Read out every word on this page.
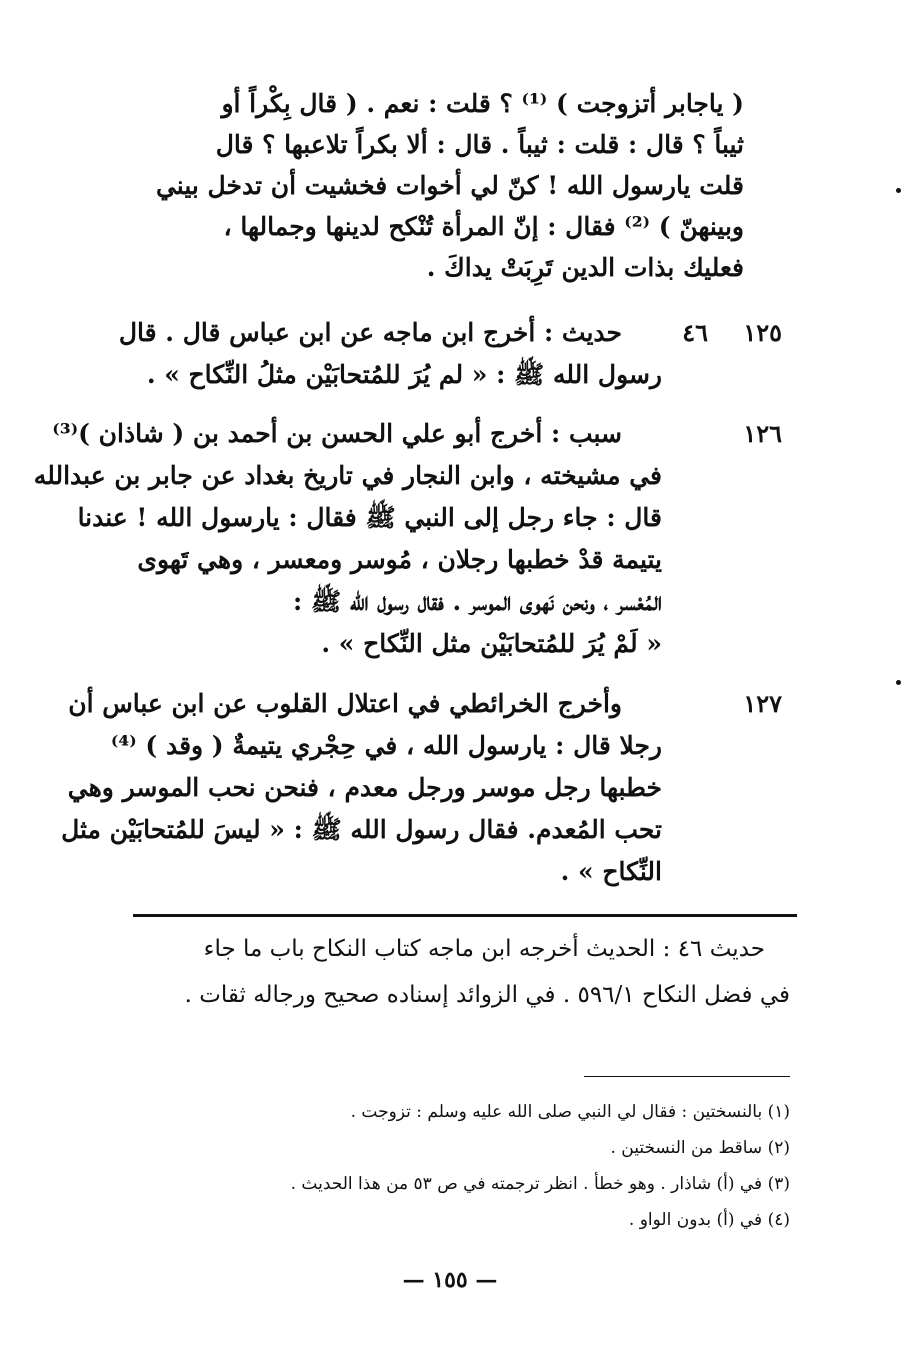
( ياجابر أتزوجت ) ⁽¹⁾ ؟ قلت : نعم . ( قال بِكْراً أو
ثيباً ؟ قال : قلت : ثيباً . قال : ألا بكراً تلاعبها ؟ قال
قلت يارسول الله ! كنّ لي أخوات فخشيت أن تدخل بيني
وبينهنّ ) ⁽²⁾ فقال : إنّ المرأة تُنْكح لدينها وجمالها ،
فعليك بذات الدين تَرِبَتْ يداكَ .
١٢٥
٤٦
حديث : أخرج ابن ماجه عن ابن عباس قال . قال
رسول الله ﷺ : « لم يُرَ للمُتحابَيْن مثلُ النِّكاح » .
١٢٦
سبب : أخرج أبو علي الحسن بن أحمد بن ( شاذان )⁽³⁾
في مشيخته ، وابن النجار في تاريخ بغداد عن جابر بن عبدالله
قال : جاء رجل إلى النبي ﷺ فقال : يارسول الله ! عندنا
يتيمة قدْ خطبها رجلان ، مُوسر ومعسر ، وهي تَهوى
المُعْسر ، ونحن نَهوى الموسر . فقال رسول الله ﷺ :
« لَمْ يُرَ للمُتحابَيْن مثل النِّكاح » .
١٢٧
وأخرج الخرائطي في اعتلال القلوب عن ابن عباس أن
رجلا قال : يارسول الله ، في حِجْري يتيمةٌ ( وقد ) ⁽⁴⁾
خطبها رجل موسر ورجل معدم ، فنحن نحب الموسر وهي
تحب المُعدم. فقال رسول الله ﷺ : « ليسَ للمُتحابَيْن مثل
النِّكاح » .
حديث ٤٦ : الحديث أخرجه ابن ماجه كتاب النكاح باب ما جاء
في فضل النكاح ٥٩٦/١ . في الزوائد إسناده صحيح ورجاله ثقات .
(١) بالنسختين : فقال لي النبي صلى الله عليه وسلم : تزوجت .
(٢) ساقط من النسختين .
(٣) في (أ) شاذار . وهو خطأ . انظر ترجمته في ص ٥٣ من هذا الحديث .
(٤) في (أ) بدون الواو .
— ١٥٥ —
